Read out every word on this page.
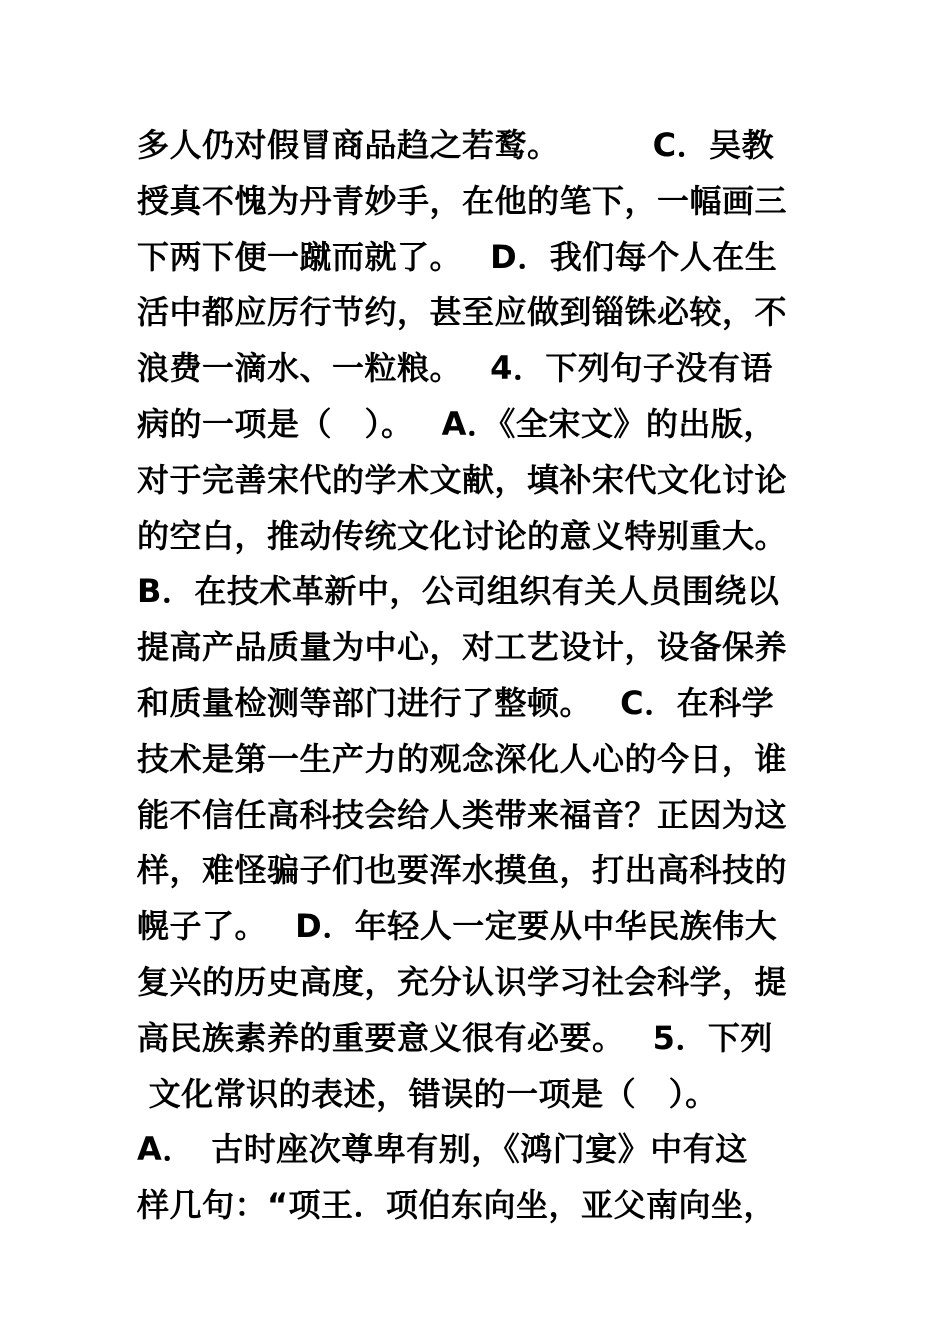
多人仍对假冒商品趋之若鹜。　　　 C．吴教
授真不愧为丹青妙手，在他的笔下，一幅画三
下两下便一蹴而就了。　 D．我们每个人在生
活中都应厉行节约，甚至应做到锱铢必较，不
浪费一滴水、一粒粮。　 4．下列句子没有语
病的一项是（　）。　 A．《全宋文》的出版，
对于完善宋代的学术文献，填补宋代文化讨论
的空白，推动传统文化讨论的意义特别重大。
B．在技术革新中，公司组织有关人员围绕以
提高产品质量为中心，对工艺设计，设备保养
和质量检测等部门进行了整顿。　 C．在科学
技术是第一生产力的观念深化人心的今日，谁
能不信任高科技会给人类带来福音？正因为这
样，难怪骗子们也要浑水摸鱼，打出高科技的
幌子了。　 D．年轻人一定要从中华民族伟大
复兴的历史高度，充分认识学习社会科学，提
高民族素养的重要意义很有必要。　 5．下列
文化常识的表述，错误的一项是（　）。
A．　古时座次尊卑有别，《鸿门宴》中有这
样几句：“项王．项伯东向坐，亚父南向坐，
